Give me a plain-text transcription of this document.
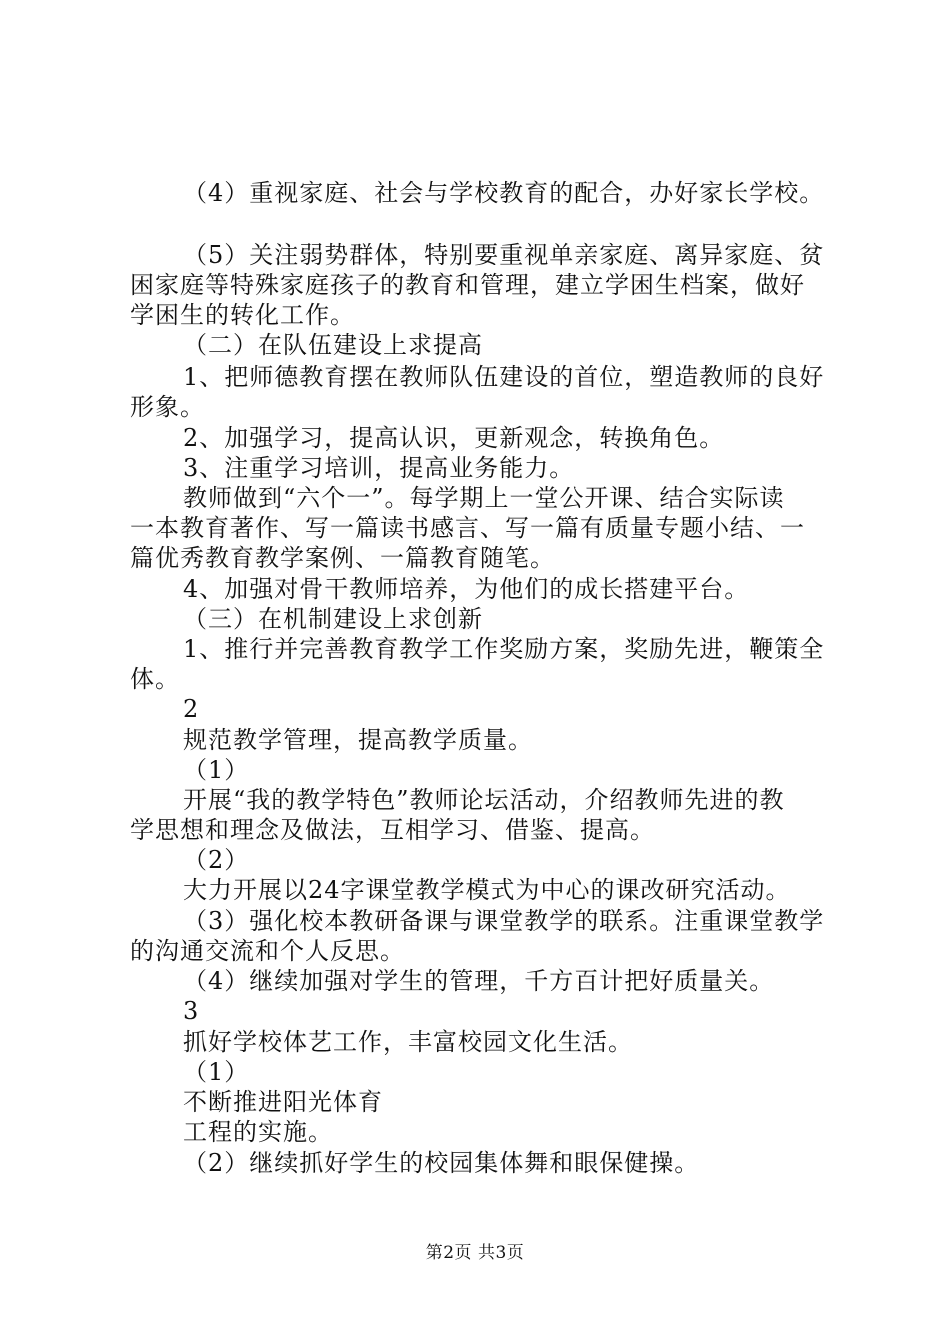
（4）重视家庭、社会与学校教育的配合，办好家长学校。
（5）关注弱势群体，特别要重视单亲家庭、离异家庭、贫
困家庭等特殊家庭孩子的教育和管理，建立学困生档案，做好
学困生的转化工作。
（二）在队伍建设上求提高
1、把师德教育摆在教师队伍建设的首位，塑造教师的良好
形象。
2、加强学习，提高认识，更新观念，转换角色。
3、注重学习培训，提高业务能力。
教师做到“六个一”。每学期上一堂公开课、结合实际读
一本教育著作、写一篇读书感言、写一篇有质量专题小结、一
篇优秀教育教学案例、一篇教育随笔。
4、加强对骨干教师培养，为他们的成长搭建平台。
（三）在机制建设上求创新
1、推行并完善教育教学工作奖励方案，奖励先进，鞭策全
体。
2
规范教学管理，提高教学质量。
（1）
开展“我的教学特色”教师论坛活动，介绍教师先进的教
学思想和理念及做法，互相学习、借鉴、提高。
（2）
大力开展以24字课堂教学模式为中心的课改研究活动。
（3）强化校本教研备课与课堂教学的联系。注重课堂教学
的沟通交流和个人反思。
（4）继续加强对学生的管理，千方百计把好质量关。
3
抓好学校体艺工作，丰富校园文化生活。
（1）
不断推进阳光体育
工程的实施。
（2）继续抓好学生的校园集体舞和眼保健操。
第2页 共3页
